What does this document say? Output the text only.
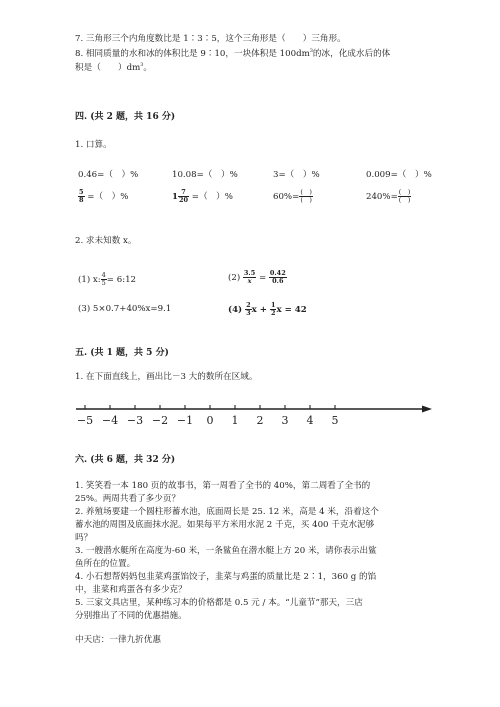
7. 三角形三个内角度数比是 1∶3∶5，这个三角形是（　　）三角形。
8. 相同质量的水和冰的体积比是 9∶10，一块体积是 $100dm^3$的冰，化成水后的体
积是（　　）$dm^3$。
四. (共 2 题，共 16 分)
1. 口算。
0.46=（　）%	10.08=（　）%	3=（　）%	0.009=（　）%
$\frac{5}{8}$ =（　）%	$1 \frac{7}{20}$ =（　）%	$60\%= \frac{( )}{( )}$	$240\%= \frac{( )}{( )}$
2. 求未知数 x。
(1) x: $\frac{4}{5}$ = 6:12	$(2) \frac{3.5}{x} = \frac{0.42}{0.6}$
(3) 5×0.7+40%x=9.1	$(4) \frac{2}{3}$ $x + \frac{1}{2}$ x = 42
五. (共 1 题，共 5 分)
1. 在下面直线上，画出比－3 大的数所在区域。
−5 −4 −3 −2 −1 0 1 2 3 4 5
六. (共 6 题，共 32 分)
1. 笑笑看一本 180 页的故事书，第一周看了全书的 40%，第二周看了全书的
25%。两周共看了多少页？
2. 养殖场要建一个圆柱形蓄水池，底面周长是 25. 12 米，高是 4 米，沿着这个
蓄水池的周围及底面抹水泥。如果每平方米用水泥 2 千克，买 400 千克水泥够
吗？
3. 一艘潜水艇所在高度为-60 米，一条鲨鱼在潜水艇上方 20 米，请你表示出鲨
鱼所在的位置。
4. 小石想帮妈妈包韭菜鸡蛋馅饺子，韭菜与鸡蛋的质量比是 2∶1，360 g 的馅
中，韭菜和鸡蛋各有多少克？
5. 三家文具店里，某种练习本的价格都是 0.5 元 / 本。“儿童节”那天，三店
分别推出了不同的优惠措施。
中天店：一律九折优惠
